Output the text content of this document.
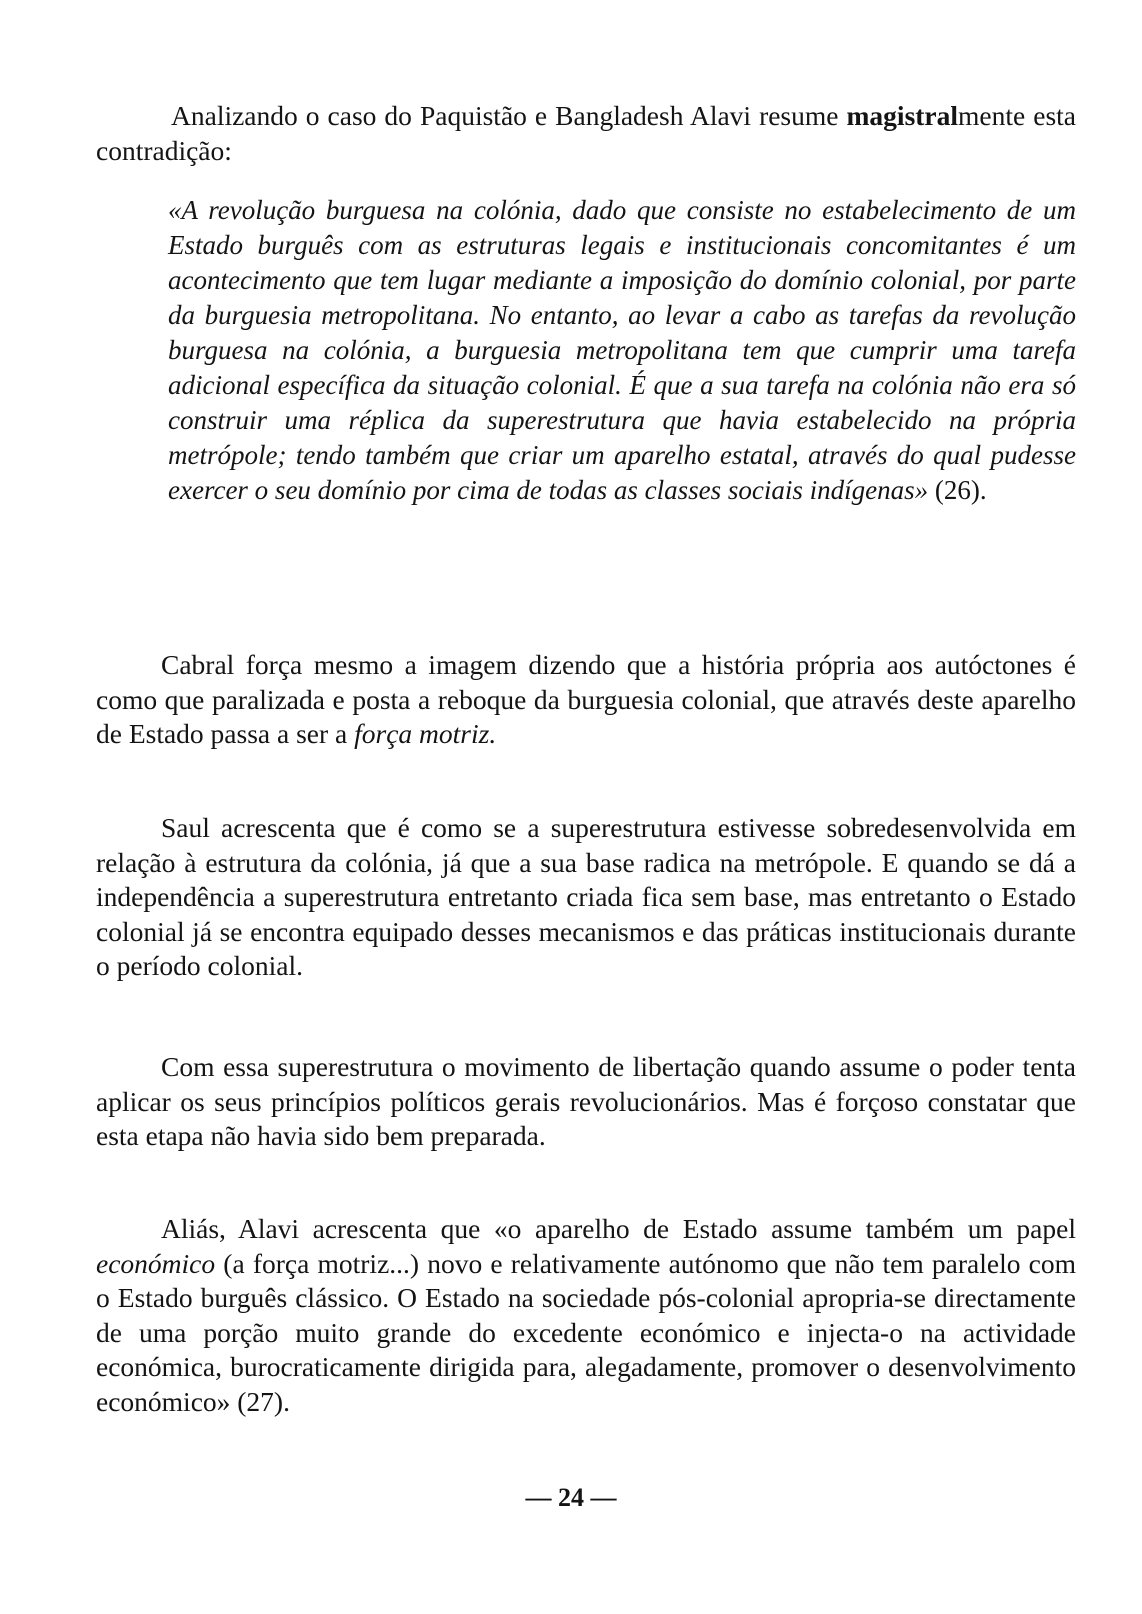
Analizando o caso do Paquistão e Bangladesh Alavi resume magistralmente esta contradição:

«A revolução burguesa na colónia, dado que consiste no estabelecimento de um Estado burguês com as estruturas legais e institucionais concomitantes é um acontecimento que tem lugar mediante a imposição do domínio colonial, por parte da burguesia metropolitana. No entanto, ao levar a cabo as tarefas da revolução burguesa na colónia, a burguesia metropolitana tem que cumprir uma tarefa adicional específica da situação colonial. É que a sua tarefa na colónia não era só construir uma réplica da superestrutura que havia estabelecido na própria metrópole; tendo também que criar um aparelho estatal, através do qual pudesse exercer o seu domínio por cima de todas as classes sociais indígenas» (26).

Cabral força mesmo a imagem dizendo que a história própria aos autóctones é como que paralizada e posta a reboque da burguesia colonial, que através deste aparelho de Estado passa a ser a força motriz.

Saul acrescenta que é como se a superestrutura estivesse sobredesenvolvida em relação à estrutura da colónia, já que a sua base radica na metrópole. E quando se dá a independência a superestrutura entretanto criada fica sem base, mas entretanto o Estado colonial já se encontra equipado desses mecanismos e das práticas institucionais durante o período colonial.

Com essa superestrutura o movimento de libertação quando assume o poder tenta aplicar os seus princípios políticos gerais revolucionários. Mas é forçoso constatar que esta etapa não havia sido bem preparada.

Aliás, Alavi acrescenta que «o aparelho de Estado assume também um papel económico (a força motriz...) novo e relativamente autónomo que não tem paralelo com o Estado burguês clássico. O Estado na sociedade pós-colonial apropria-se directamente de uma porção muito grande do excedente económico e injecta-o na actividade económica, burocraticamente dirigida para, alegadamente, promover o desenvolvimento económico» (27).

— 24 —
